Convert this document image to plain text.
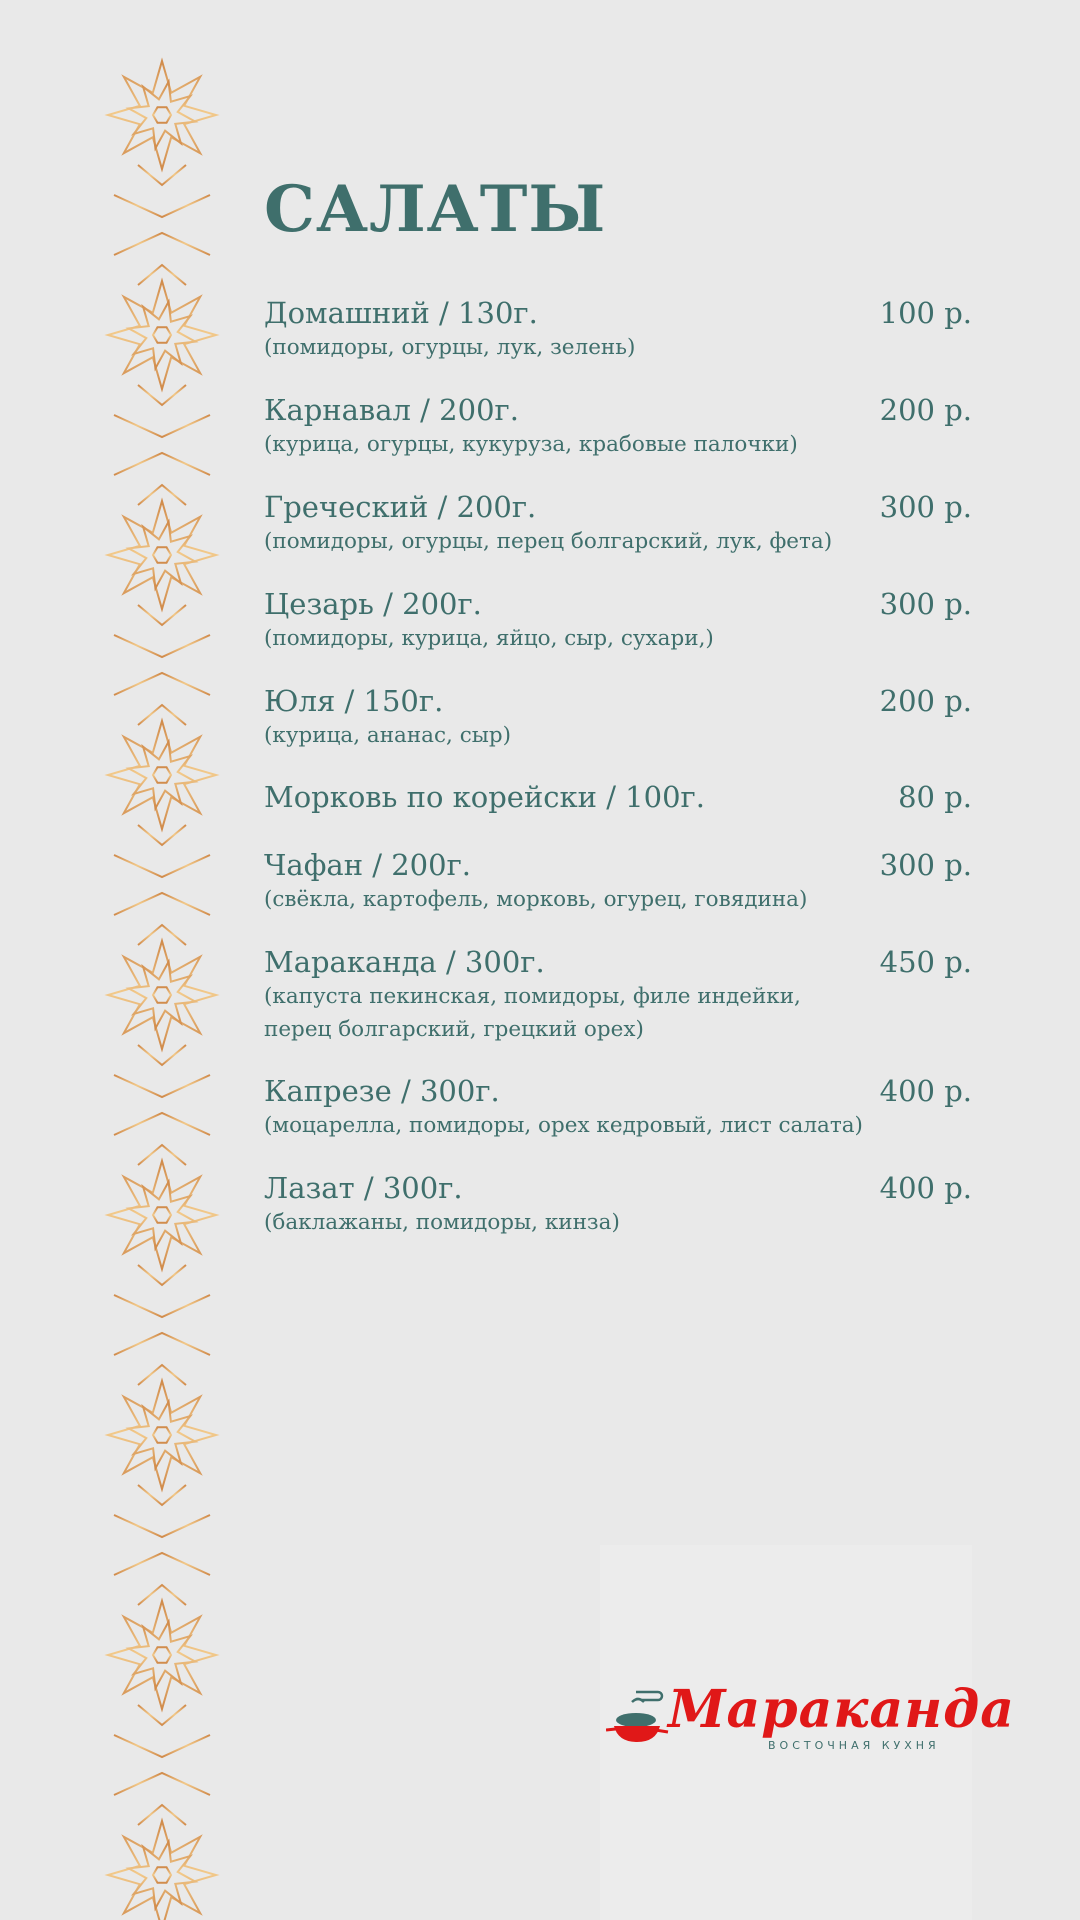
САЛАТЫ
Домашний / 130г.	100 р.
(помидоры, огурцы, лук, зелень)
Карнавал / 200г.	200 р.
(курица, огурцы, кукуруза, крабовые палочки)
Греческий / 200г.	300 р.
(помидоры, огурцы, перец болгарский, лук, фета)
Цезарь / 200г.	300 р.
(помидоры, курица, яйцо, сыр, сухари,)
Юля / 150г.	200 р.
(курица, ананас, сыр)
Морковь по корейски / 100г.	80 р.
Чафан / 200г.	300 р.
(свёкла, картофель, морковь, огурец, говядина)
Мараканда / 300г.	450 р.
(капуста пекинская, помидоры, филе индейки,
перец болгарский, грецкий орех)
Капрезе / 300г.	400 р.
(моцарелла, помидоры, орех кедровый, лист салата)
Лазат / 300г.	400 р.
(баклажаны, помидоры, кинза)
Мараканда
ВОСТОЧНАЯ КУХНЯ
